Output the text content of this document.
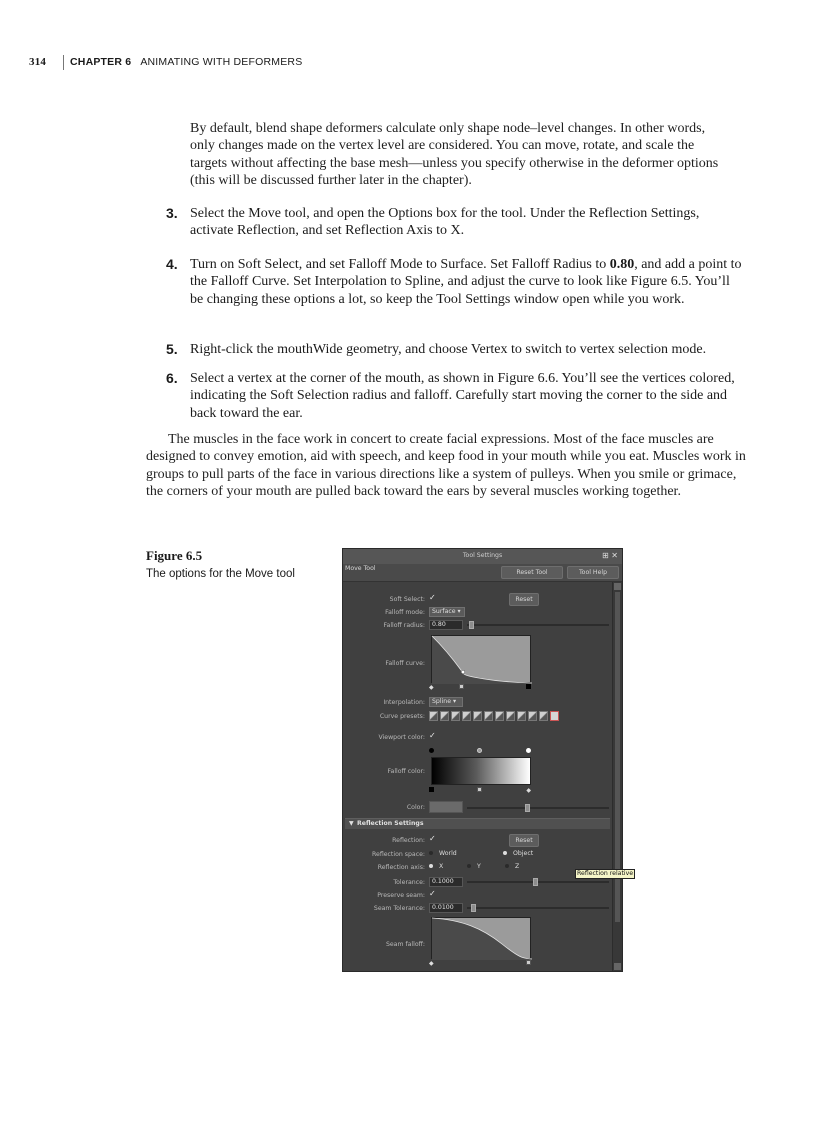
314	CHAPTER 6 ANIMATING WITH DEFORMERS

By default, blend shape deformers calculate only shape node–level changes. In other words, only changes made on the vertex level are considered. You can move, rotate, and scale the targets without affecting the base mesh—unless you specify otherwise in the deformer options (this will be discussed further later in the chapter).

3. Select the Move tool, and open the Options box for the tool. Under the Reflection Settings, activate Reflection, and set Reflection Axis to X.
4. Turn on Soft Select, and set Falloff Mode to Surface. Set Falloff Radius to 0.80, and add a point to the Falloff Curve. Set Interpolation to Spline, and adjust the curve to look like Figure 6.5. You’ll be changing these options a lot, so keep the Tool Settings window open while you work.
5. Right-click the mouthWide geometry, and choose Vertex to switch to vertex selection mode.
6. Select a vertex at the corner of the mouth, as shown in Figure 6.6. You’ll see the vertices colored, indicating the Soft Selection radius and falloff. Carefully start moving the corner to the side and back toward the ear.

The muscles in the face work in concert to create facial expressions. Most of the face muscles are designed to convey emotion, aid with speech, and keep food in your mouth while you eat. Muscles work in groups to pull parts of the face in various directions like a system of pulleys. When you smile or grimace, the corners of your mouth are pulled back toward the ears by several muscles working together.

Figure 6.5
The options for the Move tool
Tool Settings	⊞ ✕
Move Tool
Reset Tool	Tool Help
Soft Select: ✓	Reset
Falloff mode:	Surface ▾
Falloff radius:	0.80
Falloff curve:
◆
Interpolation:	Spline ▾
Curve presets:
Viewport color: ✓
Falloff color:
◆
Color:
▼ Reflection Settings
Reflection: ✓	Reset
Reflection space:	World	Object
Reflection axis:	X	Y	Z
Reflection relative
Tolerance:	0.1000
Preserve seam: ✓
Seam Tolerance:	0.0100
Seam falloff:
◆
